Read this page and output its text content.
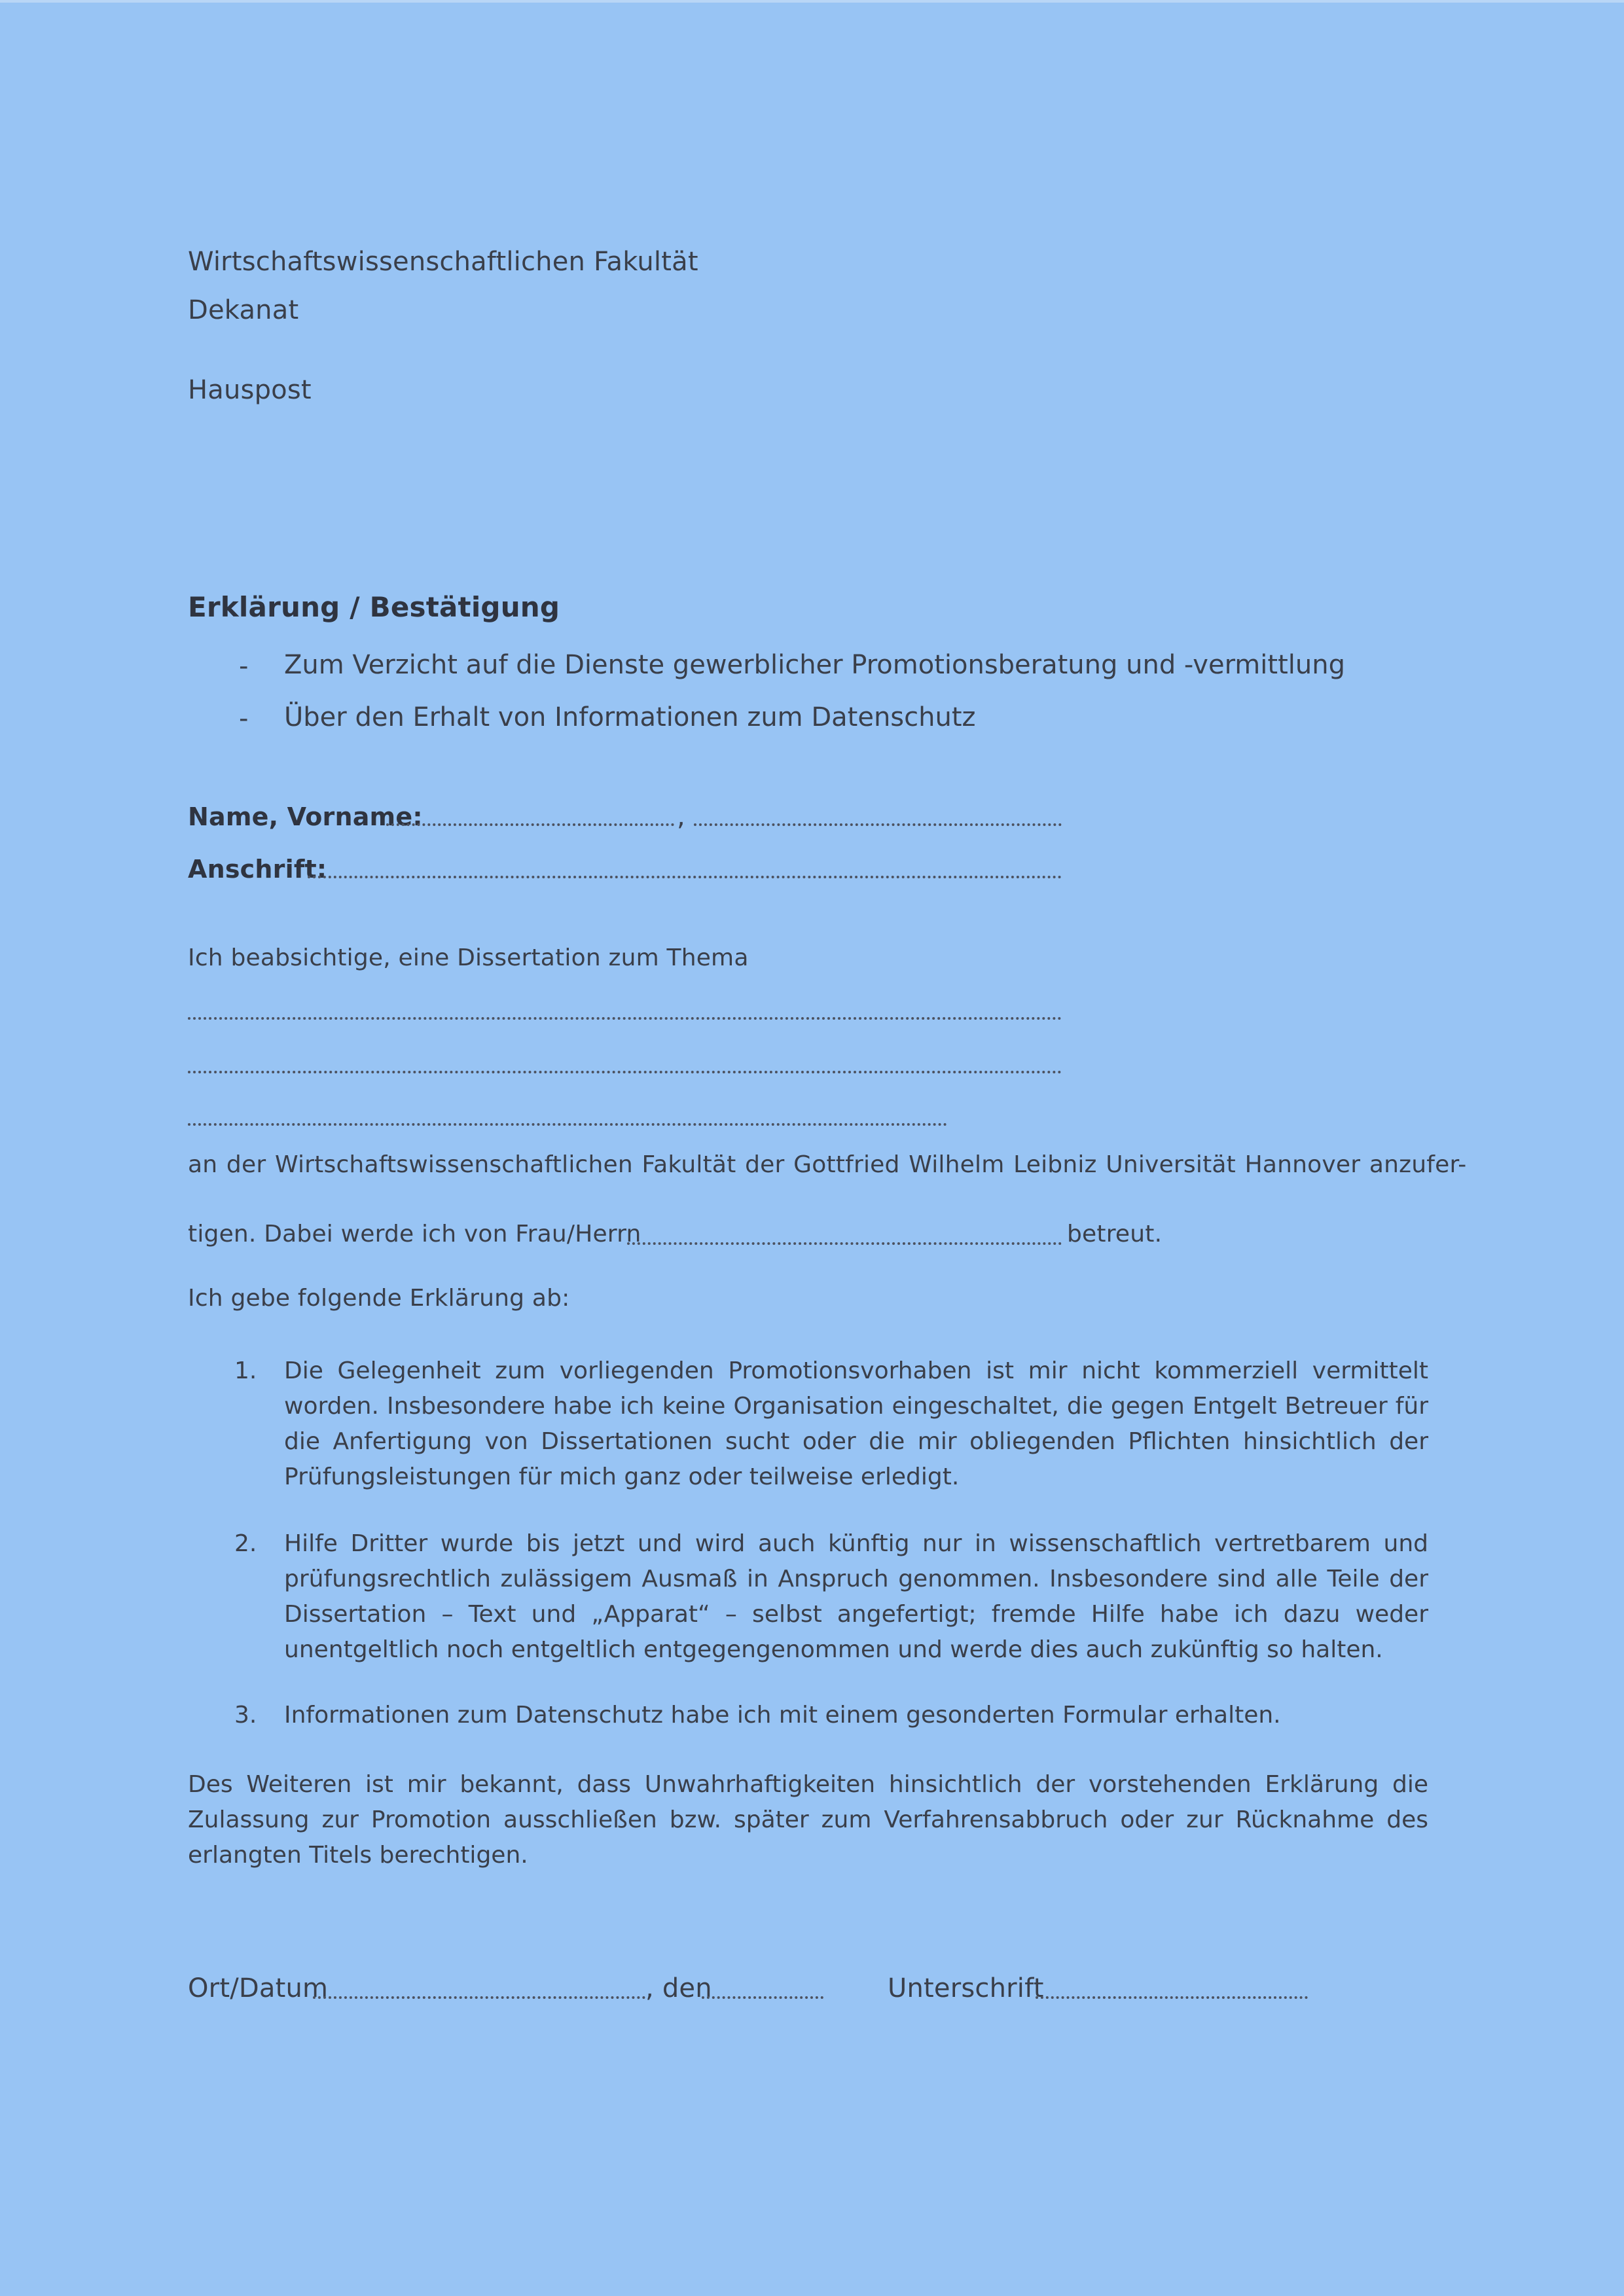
Wirtschaftswissenschaftlichen Fakultät
Dekanat
Hauspost
Erklärung / Bestätigung
- Zum Verzicht auf die Dienste gewerblicher Promotionsberatung und -vermittlung
- Über den Erhalt von Informationen zum Datenschutz
Name, Vorname:	,
Anschrift:
Ich beabsichtige, eine Dissertation zum Thema
an der Wirtschaftswissenschaftlichen Fakultät der Gottfried Wilhelm Leibniz Universität Hannover anzufer-
tigen. Dabei werde ich von Frau/Herrn	betreut.
Ich gebe folgende Erklärung ab:
1. Die Gelegenheit zum vorliegenden Promotionsvorhaben ist mir nicht kommerziell vermittelt worden. Insbesondere habe ich keine Organisation eingeschaltet, die gegen Entgelt Betreuer für die Anfertigung von Dissertationen sucht oder die mir obliegenden Pflichten hinsichtlich der Prüfungsleistungen für mich ganz oder teilweise erledigt.
2. Hilfe Dritter wurde bis jetzt und wird auch künftig nur in wissenschaftlich vertretbarem und prüfungsrechtlich zulässigem Ausmaß in Anspruch genommen. Insbesondere sind alle Teile der Dissertation – Text und „Apparat“ – selbst angefertigt; fremde Hilfe habe ich dazu weder unentgeltlich noch entgeltlich entgegengenommen und werde dies auch zukünftig so halten.
3. Informationen zum Datenschutz habe ich mit einem gesonderten Formular erhalten.
Des Weiteren ist mir bekannt, dass Unwahrhaftigkeiten hinsichtlich der vorstehenden Erklärung die Zulassung zur Promotion ausschließen bzw. später zum Verfahrensabbruch oder zur Rücknahme des erlangten Titels berechtigen.
Ort/Datum	, den	Unterschrift
